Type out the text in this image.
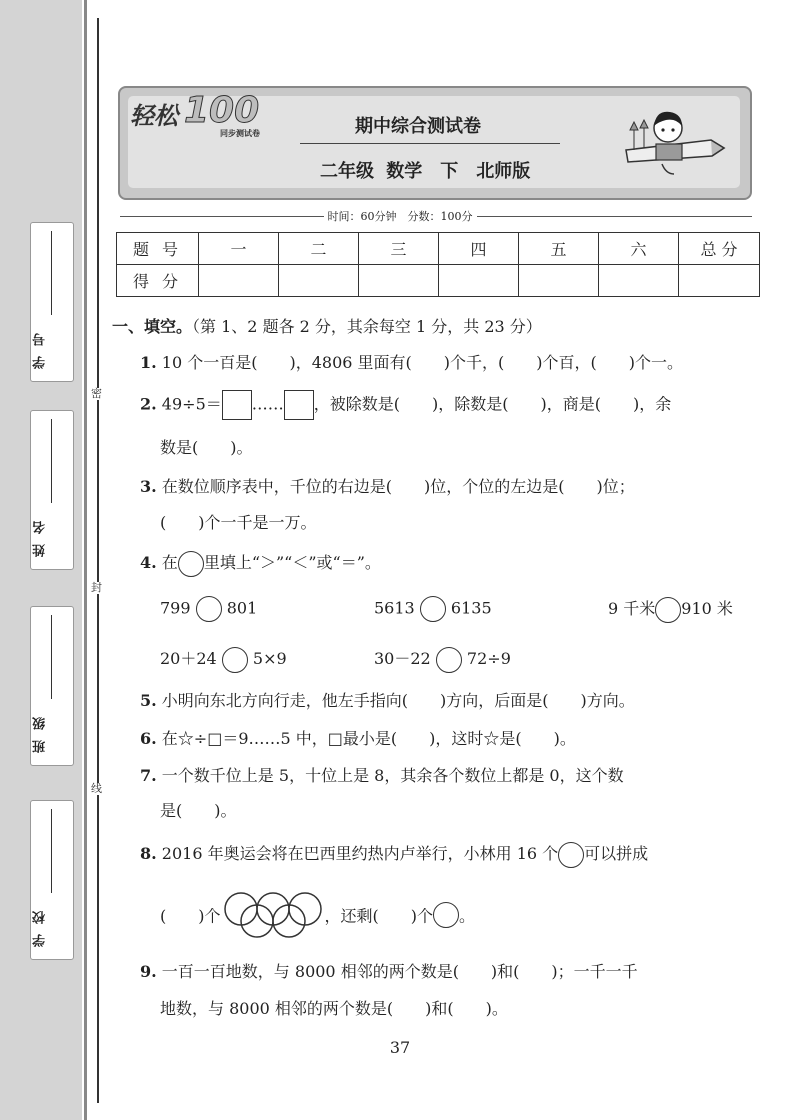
密
封
线
学号
姓名
班级
学校
轻松 100
同步测试卷	期中综合测试卷
二年级 数学　下　北师版
时间：60分钟　分数：100分
题 号	一	二	三	四	五	六	总 分
得 分							
一、填空。（第 1、2 题各 2 分，其余每空 1 分，共 23 分）
1. 10 个一百是(　　)，4806 里面有(　　)个千，(　　)个百，(　　)个一。
2. 49÷5＝ …… ，被除数是(　　)，除数是(　　)，商是(　　)，余
数是(　　)。
3. 在数位顺序表中，千位的右边是(　　)位，个位的左边是(　　)位；
(　　)个一千是一万。
4. 在 里填上“＞”“＜”或“＝”。
799 801	5613 6135	9 千米 910 米
20＋24 5×9	30－22 72÷9
5. 小明向东北方向行走，他左手指向(　　)方向，后面是(　　)方向。
6. 在☆÷□＝9……5 中，□最小是(　　)，这时☆是(　　)。
7. 一个数千位上是 5，十位上是 8，其余各个数位上都是 0，这个数
是(　　)。
8. 2016 年奥运会将在巴西里约热内卢举行，小林用 16 个 可以拼成
(　　)个	，还剩(　　)个 。
9. 一百一百地数，与 8000 相邻的两个数是(　　)和(　　)；一千一千
地数，与 8000 相邻的两个数是(　　)和(　　)。
37
